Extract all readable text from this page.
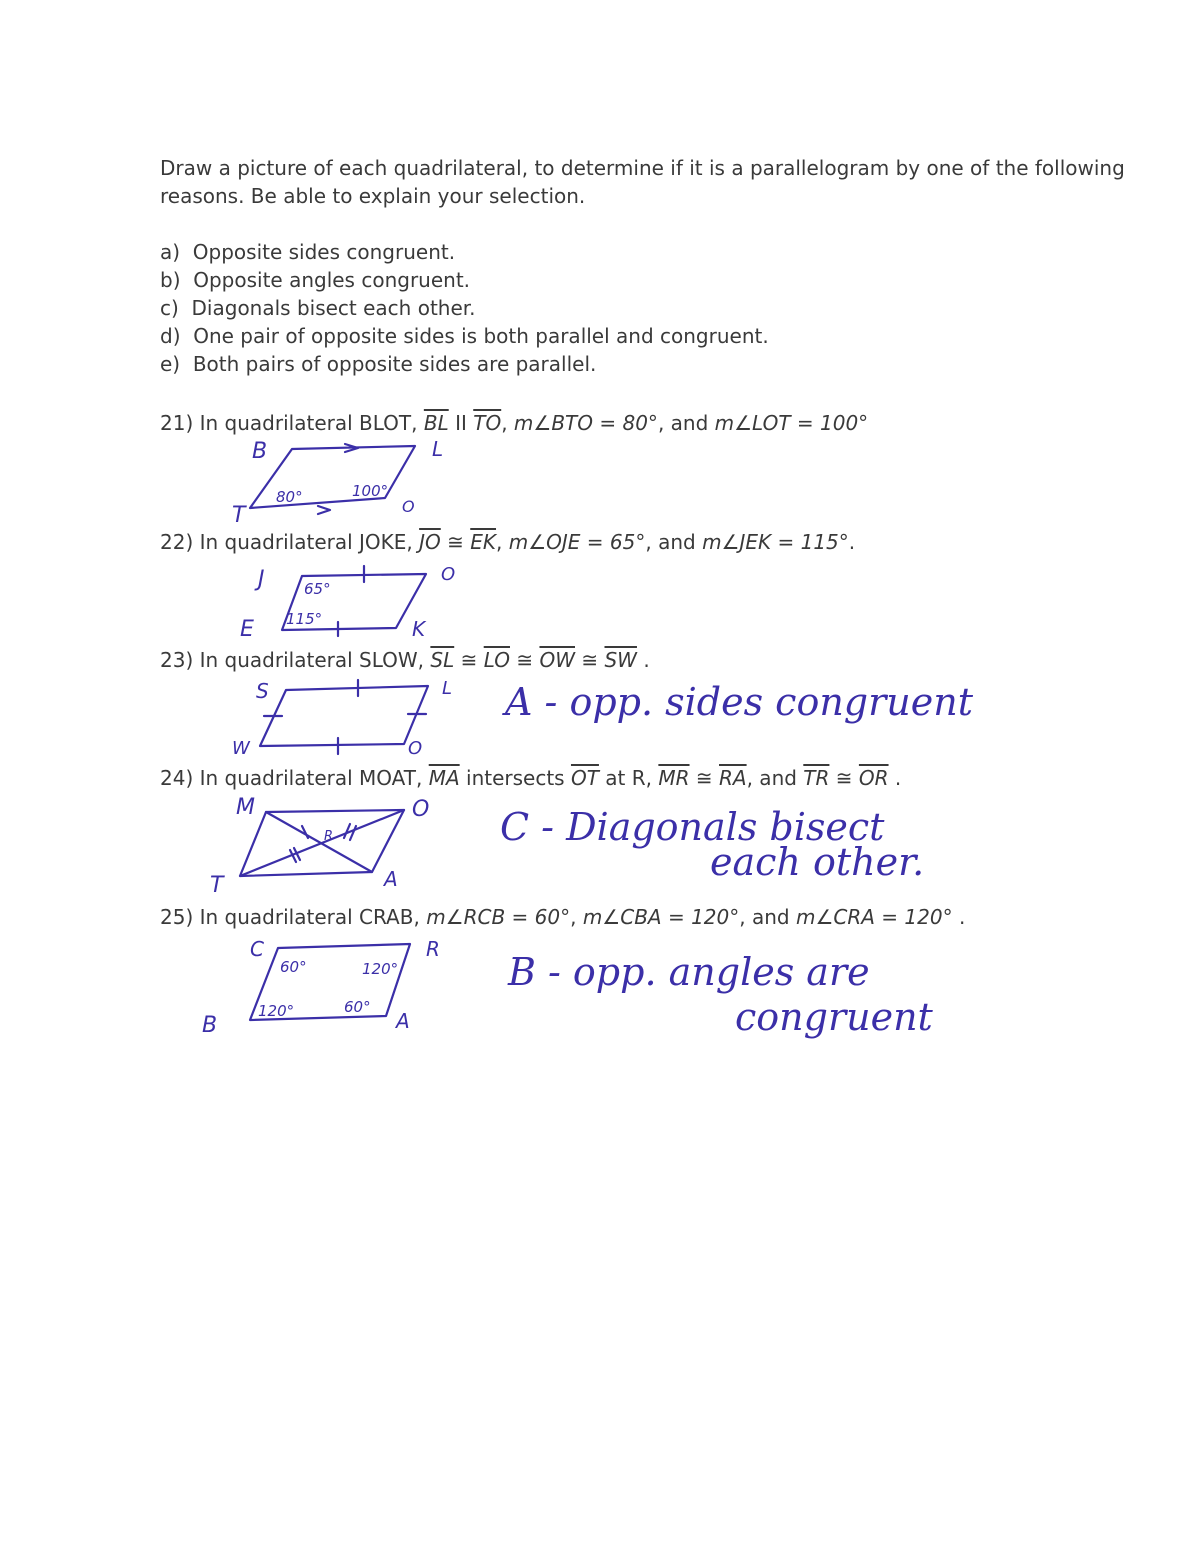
Draw a picture of each quadrilateral, to determine if it is a parallelogram by one of the following
reasons. Be able to explain your selection.
a) Opposite sides congruent.
b) Opposite angles congruent.
c) Diagonals bisect each other.
d) One pair of opposite sides is both parallel and congruent.
e) Both pairs of opposite sides are parallel.
21) In quadrilateral BLOT, $\overline{BL}$ II $\overline{TO}$, m∠BTO = 80°, and m∠LOT = 100°
B	L
T	O
80°	100°
22) In quadrilateral JOKE, $\overline{JO}$ ≅ $\overline{EK}$, m∠OJE = 65°, and m∠JEK = 115°.
J	O
E	K
65°
115°
23) In quadrilateral SLOW, $\overline{SL}$ ≅ $\overline{LO}$ ≅ $\overline{OW}$ ≅ $\overline{SW}$ .
S	L
W	O
A - opp. sides congruent
24) In quadrilateral MOAT, $\overline{MA}$ intersects $\overline{OT}$ at R, $\overline{MR}$ ≅ $\overline{RA}$, and $\overline{TR}$ ≅ $\overline{OR}$ .
M	O
T	A
R	C - Diagonals bisect
each other.
25) In quadrilateral CRAB, m∠RCB = 60°, m∠CBA = 120°, and m∠CRA = 120° .
C	R
B	A
60°	120°
120°	60°
B - opp. angles are
congruent
